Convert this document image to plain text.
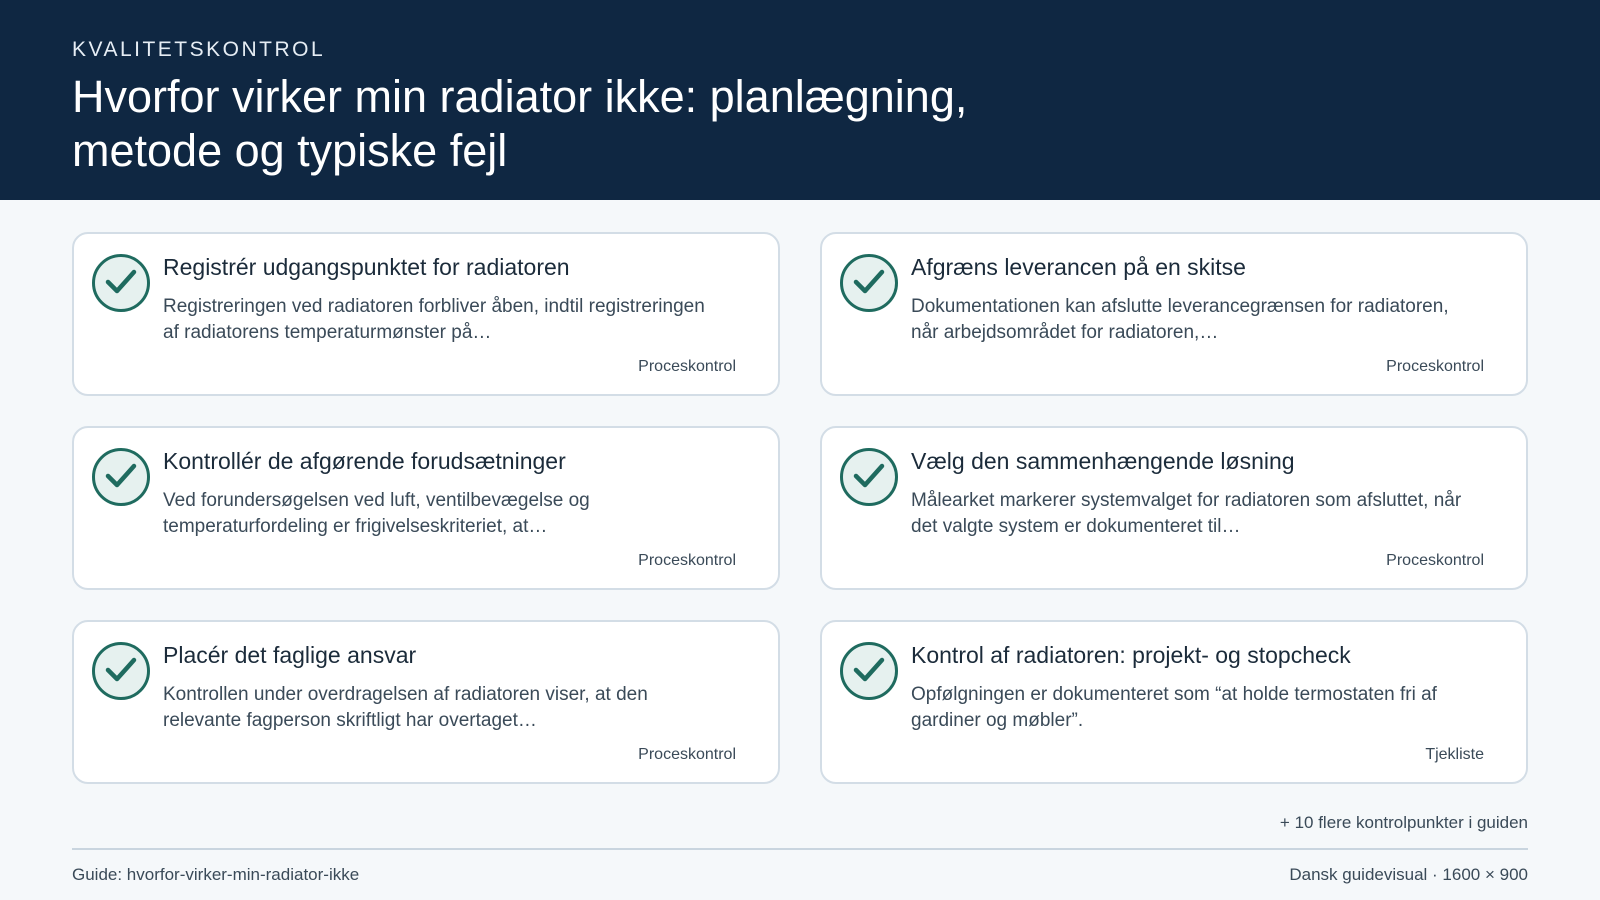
KVALITETSKONTROL
Hvorfor virker min radiator ikke: planlægning, metode og typiske fejl
Registrér udgangspunktet for radiatoren
Registreringen ved radiatoren forbliver åben, indtil registreringen af radiatorens temperaturmønster på…
Proceskontrol
Afgræns leverancen på en skitse
Dokumentationen kan afslutte leverancegrænsen for radiatoren, når arbejdsområdet for radiatoren,…
Proceskontrol
Kontrollér de afgørende forudsætninger
Ved forundersøgelsen ved luft, ventilbevægelse og temperaturfordeling er frigivelseskriteriet, at…
Proceskontrol
Vælg den sammenhængende løsning
Målearket markerer systemvalget for radiatoren som afsluttet, når det valgte system er dokumenteret til…
Proceskontrol
Placér det faglige ansvar
Kontrollen under overdragelsen af radiatoren viser, at den relevante fagperson skriftligt har overtaget…
Proceskontrol
Kontrol af radiatoren: projekt- og stopcheck
Opfølgningen er dokumenteret som “at holde termostaten fri af gardiner og møbler”.
Tjekliste
+ 10 flere kontrolpunkter i guiden
Guide: hvorfor-virker-min-radiator-ikke	Dansk guidevisual · 1600 × 900
